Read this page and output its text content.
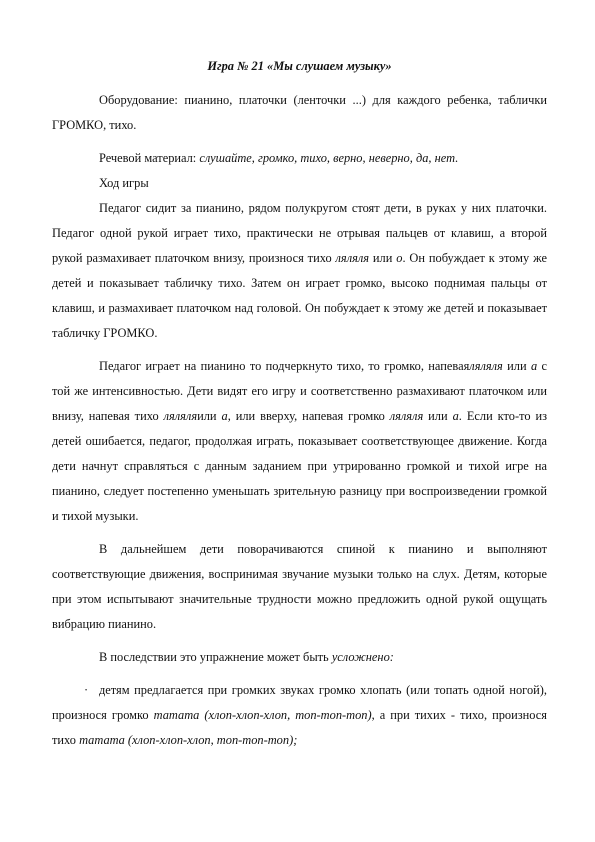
Игра № 21 «Мы слушаем музыку»

Оборудование: пианино, платочки (ленточки ...) для каждого ребенка, таблички ГРОМКО, тихо.

Речевой материал: слушайте, громко, тихо, верно, неверно, да, нет.

Ход игры

Педагог сидит за пианино, рядом полукругом стоят дети, в руках у них платочки. Педагог одной рукой играет тихо, практически не отрывая пальцев от клавиш, а второй рукой размахивает платочком внизу, произнося тихо ляляля или о. Он побуждает к этому же детей и показывает табличку тихо. Затем он играет громко, высоко поднимая пальцы от клавиш, и размахивает платочком над головой. Он побуждает к этому же детей и показывает табличку ГРОМКО.

Педагог играет на пианино то подчеркнуто тихо, то громко, напеваяляляля или а с той же интенсивностью. Дети видят его игру и соответственно размахивают платочком или внизу, напевая тихо ляляляили а, или вверху, напевая громко ляляля или а. Если кто-то из детей ошибается, педагог, продолжая играть, показывает соответствующее движение. Когда дети начнут справляться с данным заданием при утрированно громкой и тихой игре на пианино, следует постепенно уменьшать зрительную разницу при воспроизведении громкой и тихой музыки.

В дальнейшем дети поворачиваются спиной к пианино и выполняют соответствующие движения, воспринимая звучание музыки только на слух. Детям, которые при этом испытывают значительные трудности можно предложить одной рукой ощущать вибрацию пианино.

В последствии это упражнение может быть усложнено:

· детям предлагается при громких звуках громко хлопать (или топать одной ногой), произнося громко тататa (хлоп-хлоп-хлоп, топ-топ-топ), а при тихих - тихо, произнося тихо тататa (хлоп-хлоп-хлоп, топ-топ-топ);
